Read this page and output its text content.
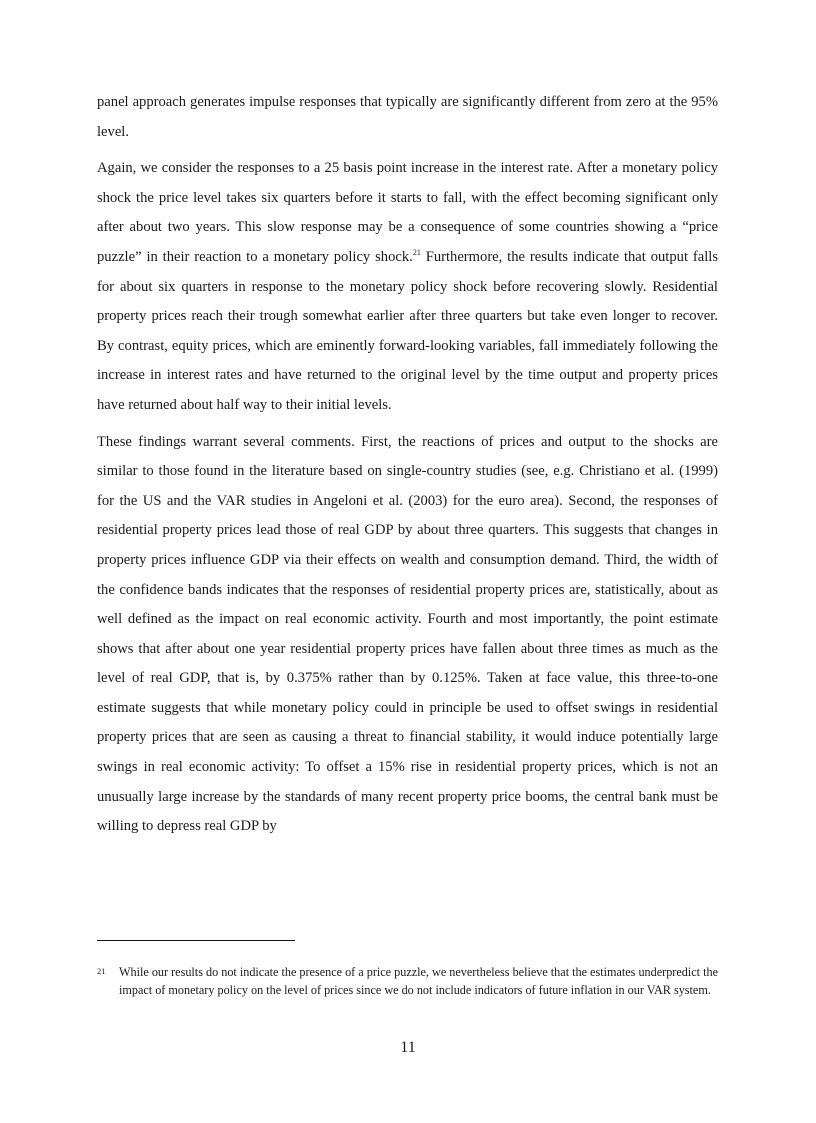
panel approach generates impulse responses that typically are significantly different from zero at the 95% level.

Again, we consider the responses to a 25 basis point increase in the interest rate. After a monetary policy shock the price level takes six quarters before it starts to fall, with the effect becoming significant only after about two years. This slow response may be a consequence of some countries showing a “price puzzle” in their reaction to a monetary policy shock.$^{21}$ Furthermore, the results indicate that output falls for about six quarters in response to the monetary policy shock before recovering slowly. Residential property prices reach their trough somewhat earlier after three quarters but take even longer to recover. By contrast, equity prices, which are eminently forward-looking variables, fall immediately following the increase in interest rates and have returned to the original level by the time output and property prices have returned about half way to their initial levels.

These findings warrant several comments. First, the reactions of prices and output to the shocks are similar to those found in the literature based on single-country studies (see, e.g. Christiano et al. (1999) for the US and the VAR studies in Angeloni et al. (2003) for the euro area). Second, the responses of residential property prices lead those of real GDP by about three quarters. This suggests that changes in property prices influence GDP via their effects on wealth and consumption demand. Third, the width of the confidence bands indicates that the responses of residential property prices are, statistically, about as well defined as the impact on real economic activity. Fourth and most importantly, the point estimate shows that after about one year residential property prices have fallen about three times as much as the level of real GDP, that is, by 0.375% rather than by 0.125%. Taken at face value, this three-to-one estimate suggests that while monetary policy could in principle be used to offset swings in residential property prices that are seen as causing a threat to financial stability, it would induce potentially large swings in real economic activity: To offset a 15% rise in residential property prices, which is not an unusually large increase by the standards of many recent property price booms, the central bank must be willing to depress real GDP by

21	While our results do not indicate the presence of a price puzzle, we nevertheless believe that the estimates underpredict the impact of monetary policy on the level of prices since we do not include indicators of future inflation in our VAR system.
11
